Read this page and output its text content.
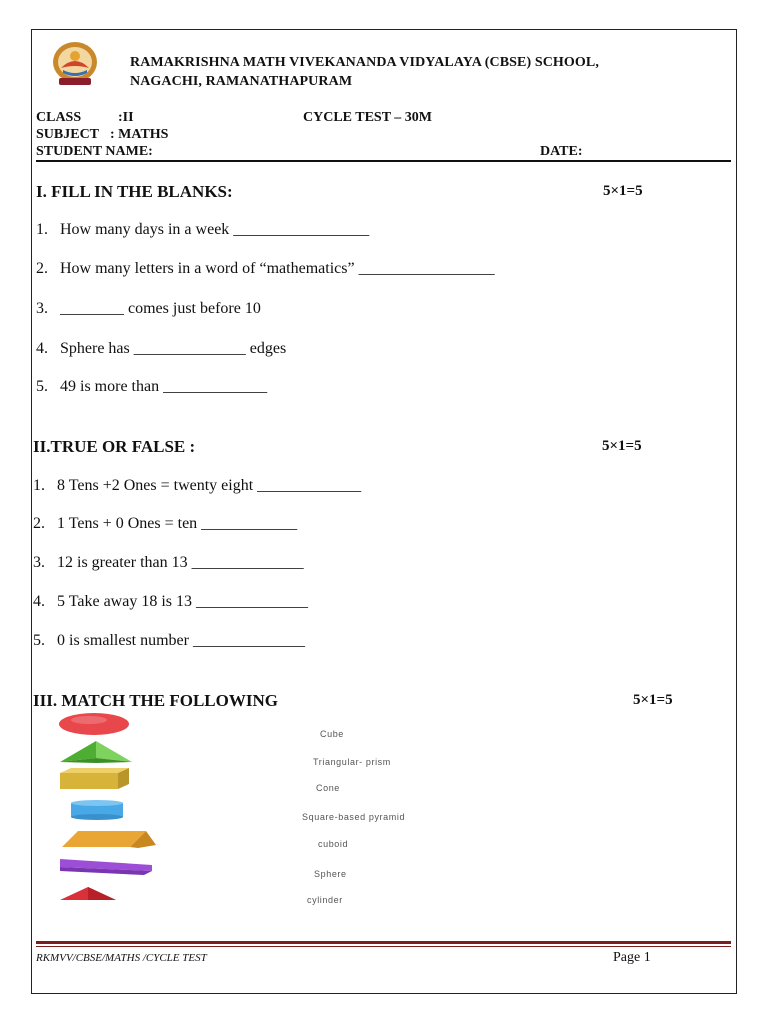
RAMAKRISHNA MATH VIVEKANANDA VIDYALAYA (CBSE) SCHOOL,
NAGACHI, RAMANATHAPURAM
CLASS	:II	CYCLE TEST – 30M
SUBJECT : MATHS
STUDENT NAME:	DATE:
I. FILL IN THE BLANKS:	5×1=5
1. How many days in a week _________________
2. How many letters in a word of “mathematics” _________________
3. ________ comes just before 10
4. Sphere has ______________ edges
5. 49 is more than _____________
II.TRUE OR FALSE :	5×1=5
1. 8 Tens +2 Ones = twenty eight _____________
2. 1 Tens + 0 Ones = ten ____________
3. 12 is greater than 13 ______________
4. 5 Take away 18 is 13 ______________
5. 0 is smallest number ______________
III. MATCH THE FOLLOWING	5×1=5
Cube
Triangular- prism
Cone
Square-based pyramid
cuboid
Sphere
cylinder
RKMVV/CBSE/MATHS /CYCLE TEST	Page 1
